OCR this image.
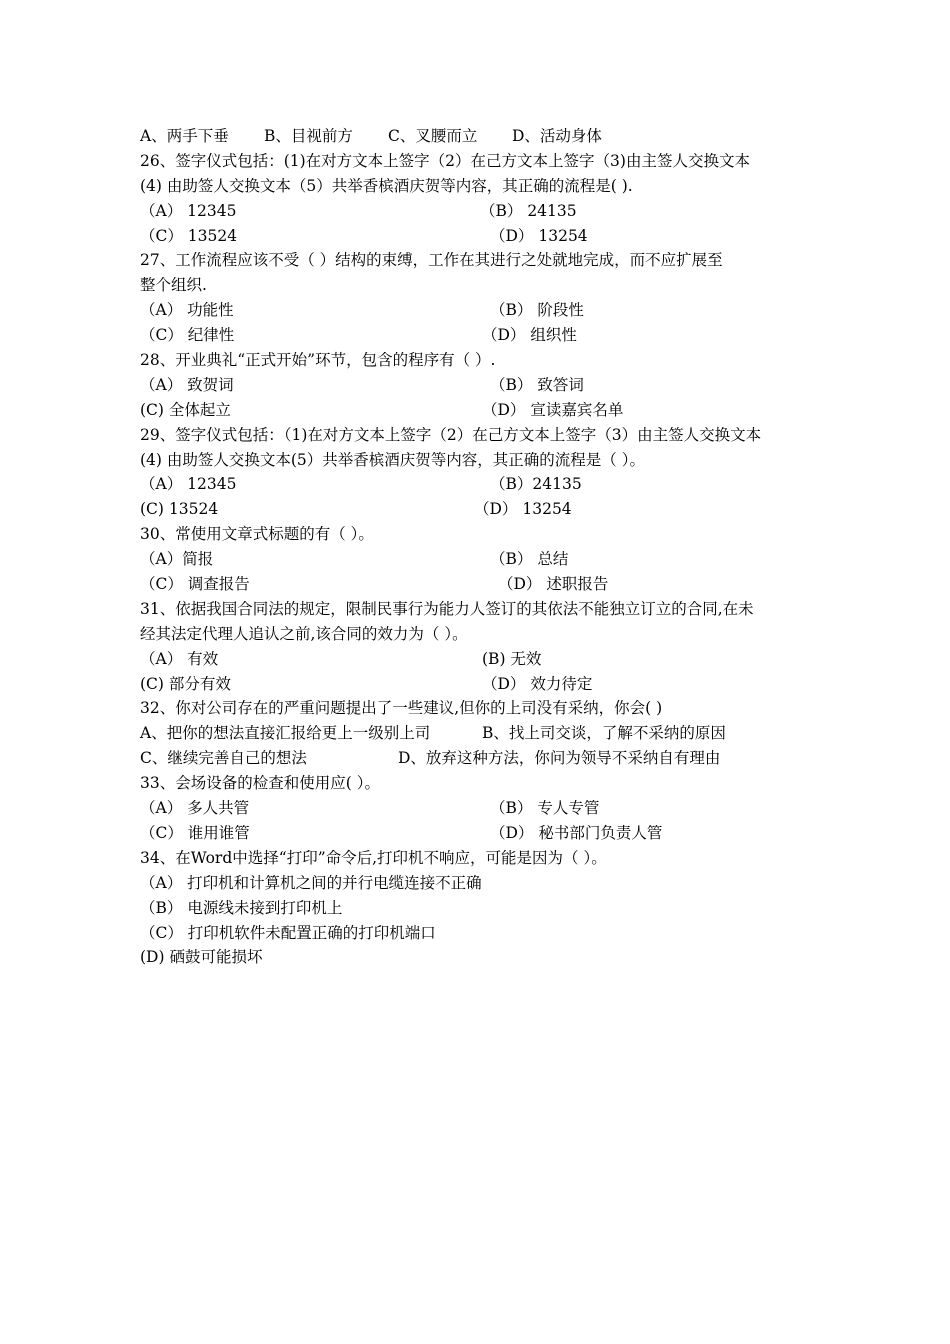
A、两手下垂 B、目视前方 C、叉腰而立 D、活动身体
26、签字仪式包括：(1)在对方文本上签字（2）在己方文本上签字（3)由主签人交换文本
(4) 由助签人交换文本（5）共举香槟酒庆贺等内容，其正确的流程是( ).
（A） 12345	（B） 24135
（C） 13524	（D） 13254
27、工作流程应该不受（ ）结构的束缚，工作在其进行之处就地完成，而不应扩展至
整个组织.
（A） 功能性	（B） 阶段性
（C） 纪律性	（D） 组织性
28、开业典礼“正式开始”环节，包含的程序有（ ）.
（A） 致贺词	（B） 致答词
(C) 全体起立	（D） 宣读嘉宾名单
29、签字仪式包括：（1)在对方文本上签字（2）在己方文本上签字（3）由主签人交换文本
(4) 由助签人交换文本(5）共举香槟酒庆贺等内容，其正确的流程是（ ）。
（A） 12345	（B）24135
(C) 13524	（D） 13254
30、常使用文章式标题的有（ ）。
（A）简报	（B） 总结
（C） 调查报告	（D） 述职报告
31、依据我国合同法的规定，限制民事行为能力人签订的其依法不能独立订立的合同,在未
经其法定代理人追认之前,该合同的效力为（ ）。
（A） 有效	(B) 无效
(C) 部分有效	（D） 效力待定
32、你对公司存在的严重问题提出了一些建议,但你的上司没有采纳，你会( )
A、把你的想法直接汇报给更上一级别上司	B、找上司交谈，了解不采纳的原因
C、继续完善自己的想法	D、放弃这种方法，你问为领导不采纳自有理由
33、会场设备的检查和使用应( ）。
（A） 多人共管	（B） 专人专管
（C） 谁用谁管	（D） 秘书部门负责人管
34、在Word中选择“打印”命令后,打印机不响应，可能是因为（ ）。
（A） 打印机和计算机之间的并行电缆连接不正确
（B） 电源线未接到打印机上
（C） 打印机软件未配置正确的打印机端口
(D) 硒鼓可能损坏
